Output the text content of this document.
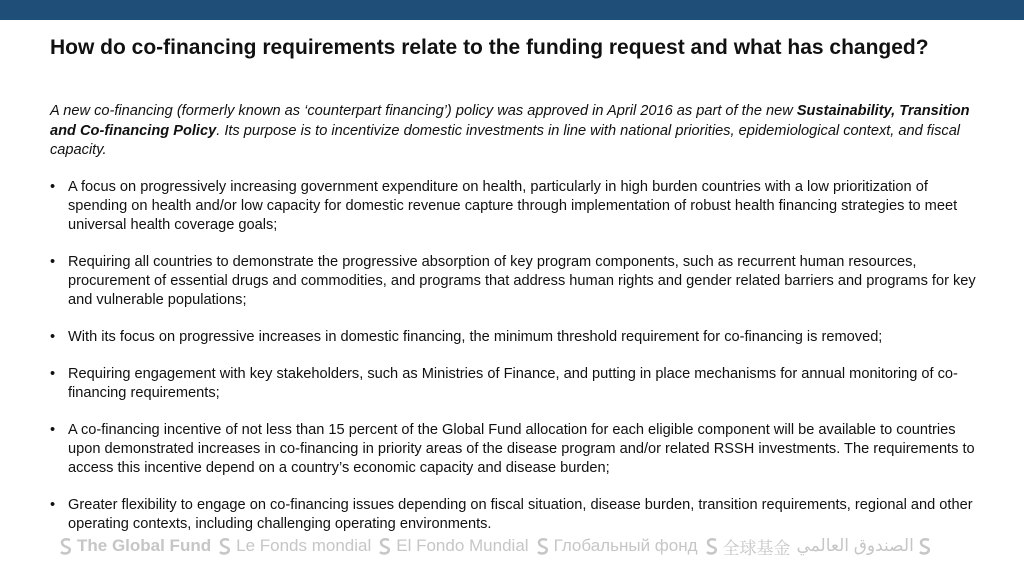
How do co-financing requirements relate to the funding request and what has changed?
A new co-financing (formerly known as ‘counterpart financing’) policy was approved in April 2016 as part of the new Sustainability, Transition and Co-financing Policy. Its purpose is to incentivize domestic investments in line with national priorities, epidemiological context, and fiscal capacity.
• A focus on progressively increasing government expenditure on health, particularly in high burden countries with a low prioritization of spending on health and/or low capacity for domestic revenue capture through implementation of robust health financing strategies to meet universal health coverage goals;
• Requiring all countries to demonstrate the progressive absorption of key program components, such as recurrent human resources, procurement of essential drugs and commodities, and programs that address human rights and gender related barriers and programs for key and vulnerable populations;
• With its focus on progressive increases in domestic financing, the minimum threshold requirement for co-financing is removed;
• Requiring engagement with key stakeholders, such as Ministries of Finance, and putting in place mechanisms for annual monitoring of co-financing requirements;
• A co-financing incentive of not less than 15 percent of the Global Fund allocation for each eligible component will be available to countries upon demonstrated increases in co-financing in priority areas of the disease program and/or related RSSH investments. The requirements to access this incentive depend on a country’s economic capacity and disease burden;
• Greater flexibility to engage on co-financing issues depending on fiscal situation, disease burden, transition requirements, regional and other operating contexts, including challenging operating environments.
The Global Fund Le Fonds mondial El Fondo Mundial Глобальный фонд 全球基金 الصندوق العالمي
